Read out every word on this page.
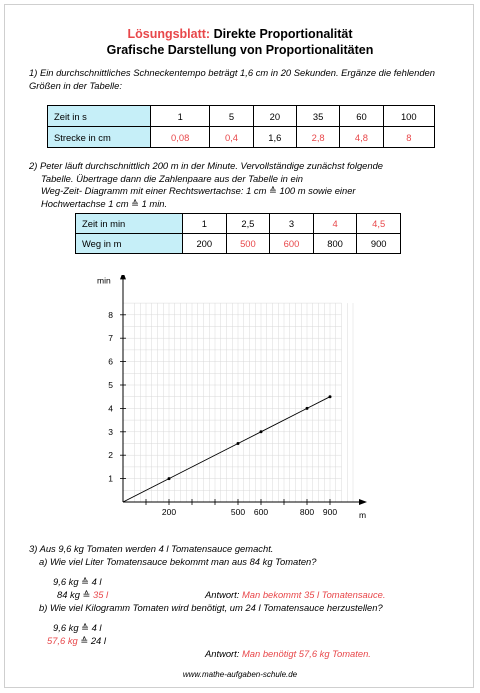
Lösungsblatt: Direkte Proportionalität
Grafische Darstellung von Proportionalitäten
1) Ein durchschnittliches Schneckentempo beträgt 1,6 cm in 20 Sekunden. Ergänze die fehlenden Größen in der Tabelle:
Zeit in s	1	5	20	35	60	100
Strecke in cm	0,08	0,4	1,6	2,8	4,8	8
2) Peter läuft durchschnittlich 200 m in der Minute. Vervollständige zunächst folgende
Tabelle. Übertrage dann die Zahlenpaare aus der Tabelle in ein
Weg-Zeit- Diagramm mit einer Rechtswertachse: 1 cm ≙ 100 m sowie einer
Hochwertachse 1 cm ≙ 1 min.
Zeit in min	1	2,5	3	4	4,5
Weg in m	200	500	600	800	900
200	500 600	800 900
1
2
3
4
5
6
7
8
min
m
3) Aus 9,6 kg Tomaten werden 4 l Tomatensauce gemacht.
a) Wie viel Liter Tomatensauce bekommt man aus 84 kg Tomaten?
9,6 kg ≙ 4 l
84 kg ≙ 35 l	Antwort: Man bekommt 35 l Tomatensauce.
b) Wie viel Kilogramm Tomaten wird benötigt, um 24 l Tomatensauce herzustellen?
9,6 kg ≙ 4 l
57,6 kg ≙ 24 l
Antwort: Man benötigt 57,6 kg Tomaten.
www.mathe-aufgaben-schule.de
